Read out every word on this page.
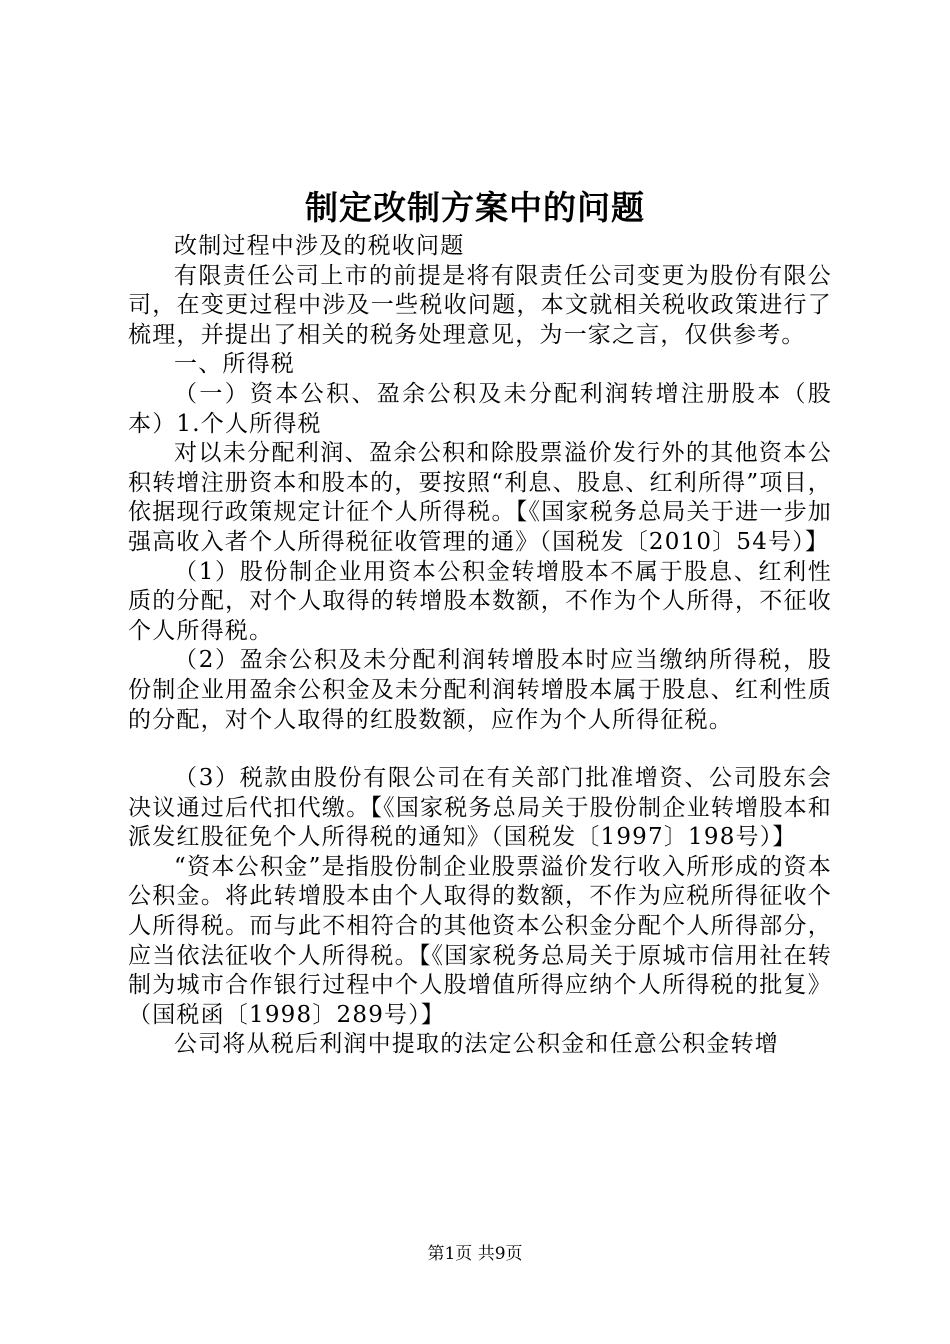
制定改制方案中的问题

改制过程中涉及的税收问题

有限责任公司上市的前提是将有限责任公司变更为股份有限公司，在变更过程中涉及一些税收问题，本文就相关税收政策进行了梳理，并提出了相关的税务处理意见，为一家之言，仅供参考。

一、所得税

（一）资本公积、盈余公积及未分配利润转增注册股本（股本）1.个人所得税

对以未分配利润、盈余公积和除股票溢价发行外的其他资本公积转增注册资本和股本的，要按照“利息、股息、红利所得”项目，依据现行政策规定计征个人所得税。【《国家税务总局关于进一步加强高收入者个人所得税征收管理的通》（国税发〔2010〕54号）】

（1）股份制企业用资本公积金转增股本不属于股息、红利性质的分配，对个人取得的转增股本数额，不作为个人所得，不征收个人所得税。

（2）盈余公积及未分配利润转增股本时应当缴纳所得税，股份制企业用盈余公积金及未分配利润转增股本属于股息、红利性质的分配，对个人取得的红股数额，应作为个人所得征税。

（3）税款由股份有限公司在有关部门批准增资、公司股东会决议通过后代扣代缴。【《国家税务总局关于股份制企业转增股本和派发红股征免个人所得税的通知》（国税发〔1997〕198号）】

“资本公积金”是指股份制企业股票溢价发行收入所形成的资本公积金。将此转增股本由个人取得的数额，不作为应税所得征收个人所得税。而与此不相符合的其他资本公积金分配个人所得部分，应当依法征收个人所得税。【《国家税务总局关于原城市信用社在转制为城市合作银行过程中个人股增值所得应纳个人所得税的批复》（国税函〔1998〕289号）】

公司将从税后利润中提取的法定公积金和任意公积金转增

第1页 共9页
